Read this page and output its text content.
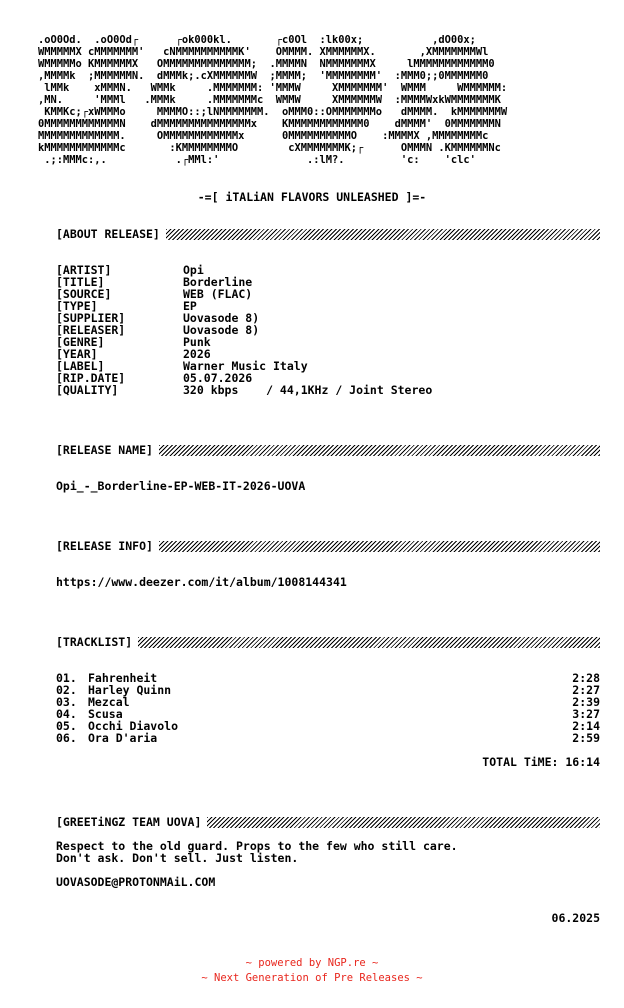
.oO0Od.  .oO0Od┌      ┌ok000kl.       ┌c0Ol  :lk00x;           ,dO00x;
WMMMMMX cMMMMMMM'   cNMMMMMMMMMMK'    OMMMM. XMMMMMMX.       ,XMMMMMMMWl
WMMMMMo KMMMMMMX   OMMMMMMMMMMMMMM;  .MMMMN  NMMMMMMMX     lMMMMMMMMMMMM0
,MMMMk  ;MMMMMMN.  dMMMk;.cXMMMMMMW  ;MMMM;  'MMMMMMMM'  :MMM0;;0MMMMMM0
lMMk    xMMMN.   WMMk     .MMMMMMM: 'MMMW     XMMMMMMM'  WMMM     WMMMMMM:
,MN.     'MMMl   .MMMk     .MMMMMMMc  WMMW     XMMMMMMW  :MMMMWxkWMMMMMMMK
KMMKc;┌xWMMMo     MMMMO::;lNMMMMMMM.  oMMM0::OMMMMMMMo   dMMMM.  kMMMMMMMW
0MMMMMMMMMMMMN    dMMMMMMMMMMMMMMMx    KMMMMMMMMMMMM0    dMMMM'  0MMMMMMMN
MMMMMMMMMMMMM.     OMMMMMMMMMMMMx      0MMMMMMMMMMO    :MMMMX ,MMMMMMMMc
kMMMMMMMMMMMMc       :KMMMMMMMMO        cXMMMMMMMK;┌      OMMMN .KMMMMMMNc
.;:MMMc:,.           .┌MMl:'              .:lM?.         'c:    'clc'
-=[ iTALiAN FLAVORS UNLEASHED ]=-
[ABOUT RELEASE]
[ARTIST]	Opi
[TITLE]	Borderline
[SOURCE]	WEB (FLAC)
[TYPE]	EP
[SUPPLIER]	Uovasode 8)
[RELEASER]	Uovasode 8)
[GENRE]	Punk
[YEAR]	2026
[LABEL]	Warner Music Italy
[RIP.DATE]	05.07.2026
[QUALITY]	320 kbps    / 44,1KHz / Joint Stereo
[RELEASE NAME]
Opi_-_Borderline-EP-WEB-IT-2026-UOVA
[RELEASE INFO]
https://www.deezer.com/it/album/1008144341
[TRACKLIST]
01. Fahrenheit	2:28
02. Harley Quinn	2:27
03. Mezcal	2:39
04. Scusa	3:27
05. Occhi Diavolo	2:14
06. Ora D'aria	2:59
TOTAL TiME: 16:14
[GREETiNGZ TEAM UOVA]
Respect to the old guard. Props to the few who still care.
Don't ask. Don't sell. Just listen.
UOVASODE@PROTONMAiL.COM
06.2025
~ powered by NGP.re ~
~ Next Generation of Pre Releases ~
